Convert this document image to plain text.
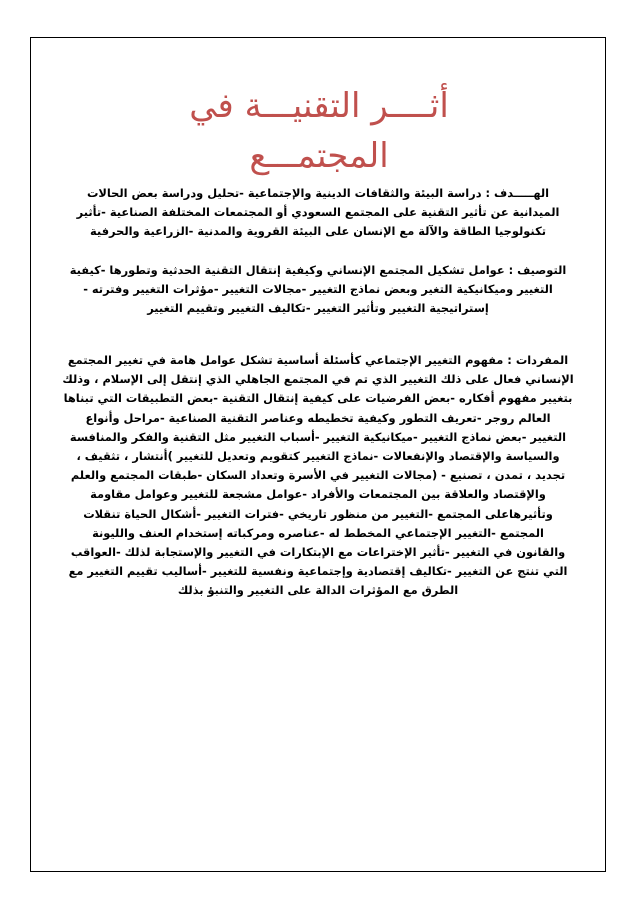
أثــــر التقنيـــة في
المجتمـــع
الهـــــدف : دراسة البيئة والثقافات الدينية والإجتماعية -تحليل ودراسة بعض الحالات
الميدانية عن تأثير التقنية على المجتمع السعودي أو المجتمعات المختلفة الصناعية -تأثير
تكنولوجيا الطاقة والآلة مع الإنسان على البيئة القروية والمدنية -الزراعية والحرفية
التوصيف : عوامل تشكيل المجتمع الإنساني وكيفية إنتقال التقنية الحدثية وتطورها -كيفية
التغيير وميكانيكية التغير وبعض نماذج التغيير -مجالات التغيير -مؤثرات التغيير وفترته -
إستراتيجية التغيير وتأثير التغيير -تكاليف التغيير وتقييم التغيير
المفردات : مفهوم التغيير الإجتماعي كأسئلة أساسية تشكل عوامل هامة في تغيير المجتمع
الإنساني فعال على ذلك التغيير الذي تم في المجتمع الجاهلي الذي إنتقل إلى الإسلام ، وذلك
بتغيير مفهوم أفكاره -بعض الفرضيات على كيفية إنتقال التقنية -بعض التطبيقات التي تبناها
العالم روجر -تعريف التطور وكيفية تخطيطه وعناصر التقنية الصناعية -مراحل وأنواع
التغيير -بعض نماذج التغيير -ميكانيكية التغيير -أسباب التغيير مثل التقنية والفكر والمنافسة
والسياسة والإقتصاد والإنفعالات -نماذج التغيير كتقويم وتعديل للتغيير )أنتشار ، تثقيف ،
تجديد ، تمدن ، تصنيع - (مجالات التغيير في الأسرة وتعداد السكان -طبقات المجتمع والعلم
والإقتصاد والعلاقة بين المجتمعات والأفراد -عوامل مشجعة للتغيير وعوامل مقاومة
وتأثيرهاعلى المجتمع -التغيير من منظور تاريخي -فترات التغيير -أشكال الحياة تنقلات
المجتمع -التغيير الإجتماعي المخطط له -عناصره ومركباته إستخدام العنف والليونة
والقانون في التغيير -تأثير الإختراعات مع الإبتكارات في التغيير والإستجابة لذلك -العواقب
التي تنتج عن التغيير -تكاليف إقتصادية وإجتماعية ونفسية للتغيير -أساليب تقييم التغيير مع
الطرق مع المؤثرات الدالة على التغيير والتنبؤ بذلك
